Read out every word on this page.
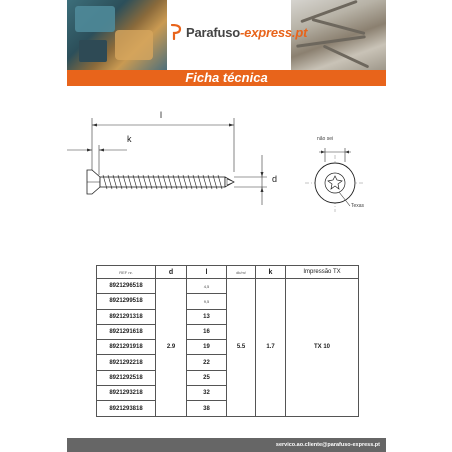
Parafuso-express.pt
Ficha técnica
l
k
d
não sei
Texas
REF nr.	d	l	dk/m/	k	Impressão TX
8921296518	2.9	4,5	5.5	1.7	TX 10
8921299518		9,5			
8921291318		13			
8921291618		16			
8921291918		19			
8921292218		22			
8921292518		25			
8921293218		32			
8921293818		38			
servico.ao.cliente@parafuso-express.pt
